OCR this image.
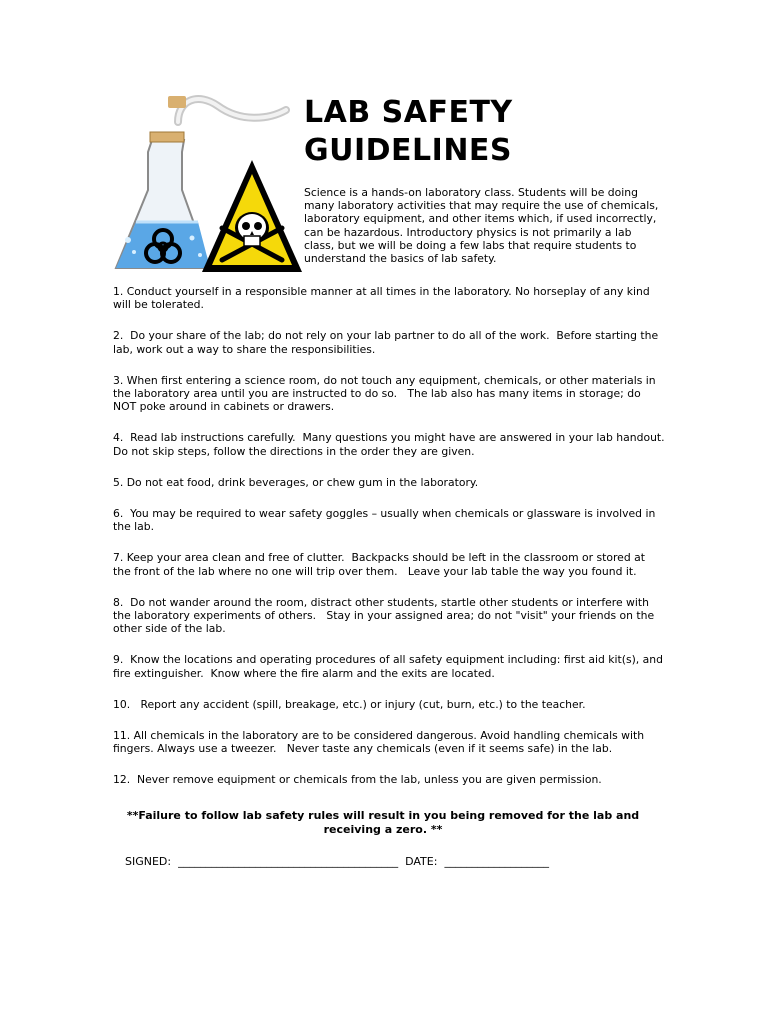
LAB SAFETY
GUIDELINES

Science is a hands-on laboratory class. Students will be doing many laboratory activities that may require the use of chemicals, laboratory equipment, and other items which, if used incorrectly, can be hazardous. Introductory physics is not primarily a lab class, but we will be doing a few labs that require students to understand the basics of lab safety.

1. Conduct yourself in a responsible manner at all times in the laboratory. No horseplay of any kind will be tolerated.
2.  Do your share of the lab; do not rely on your lab partner to do all of the work.  Before starting the lab, work out a way to share the responsibilities.
3. When first entering a science room, do not touch any equipment, chemicals, or other materials in the laboratory area until you are instructed to do so.   The lab also has many items in storage; do NOT poke around in cabinets or drawers.
4.  Read lab instructions carefully.  Many questions you might have are answered in your lab handout.   Do not skip steps, follow the directions in the order they are given.
5. Do not eat food, drink beverages, or chew gum in the laboratory.
6.  You may be required to wear safety goggles – usually when chemicals or glassware is involved in the lab.
7. Keep your area clean and free of clutter.  Backpacks should be left in the classroom or stored at the front of the lab where no one will trip over them.   Leave your lab table the way you found it.
8.  Do not wander around the room, distract other students, startle other students or interfere with the laboratory experiments of others.   Stay in your assigned area; do not "visit" your friends on the other side of the lab.
9.  Know the locations and operating procedures of all safety equipment including: first aid kit(s), and fire extinguisher.  Know where the fire alarm and the exits are located.
10.   Report any accident (spill, breakage, etc.) or injury (cut, burn, etc.) to the teacher.
11. All chemicals in the laboratory are to be considered dangerous. Avoid handling chemicals with fingers. Always use a tweezer.   Never taste any chemicals (even if it seems safe) in the lab.
12.  Never remove equipment or chemicals from the lab, unless you are given permission.

**Failure to follow lab safety rules will result in you being removed for the lab and receiving a zero. **

SIGNED: ________________________________________ DATE: ___________________
